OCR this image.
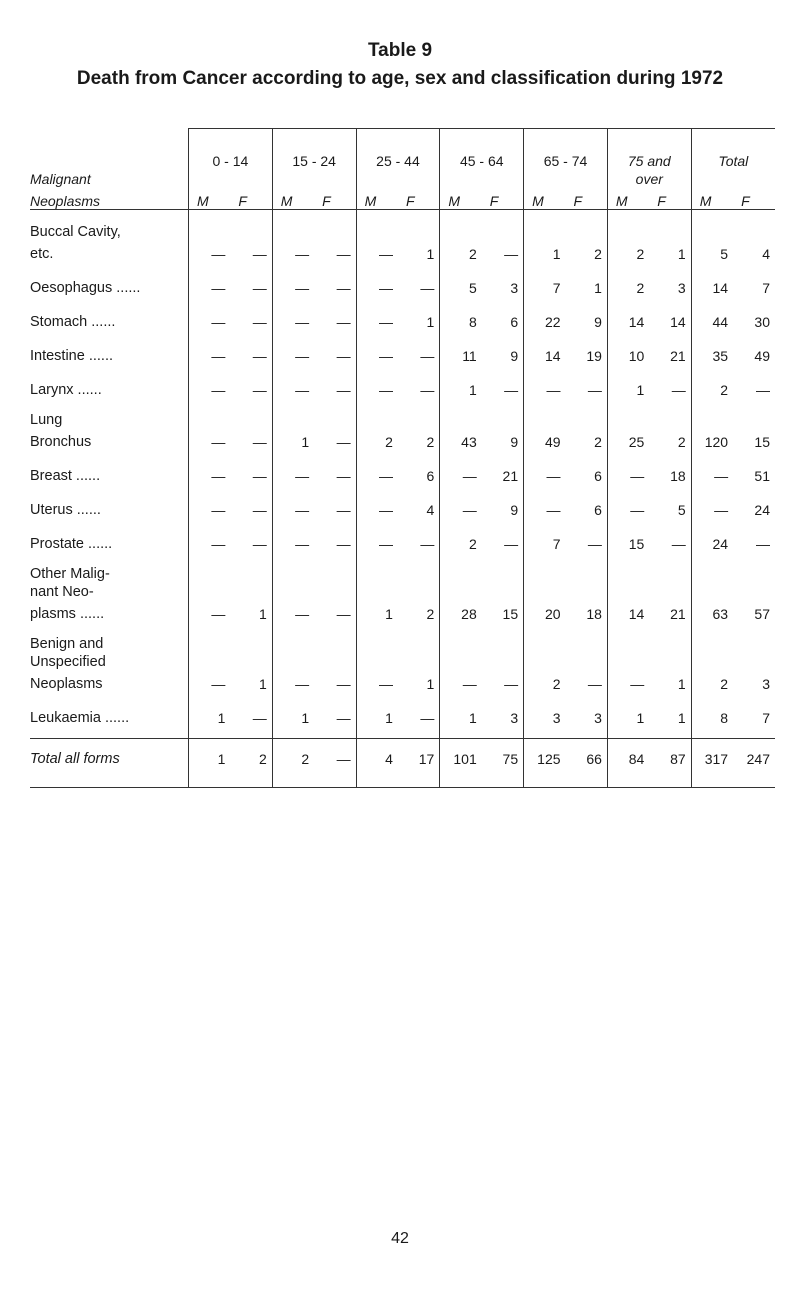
Table 9
Death from Cancer according to age, sex and classification during 1972

	0 - 14		15 - 24		25 - 44		45 - 64		65 - 74		75 and		Total	
Malignant											over			
Neoplasms	M	F	M	F	M	F	M	F	M	F	M	F	M	F

Buccal Cavity,														
etc.	—	—	—	—	—	1	2	—	1	2	2	1	5	4

Oesophagus ......	—	—	—	—	—	—	5	3	7	1	2	3	14	7

Stomach ......	—	—	—	—	—	1	8	6	22	9	14	14	44	30

Intestine ......	—	—	—	—	—	—	11	9	14	19	10	21	35	49

Larynx ......	—	—	—	—	—	—	1	—	—	—	1	—	2	—

Lung														
Bronchus	—	—	1	—	2	2	43	9	49	2	25	2	120	15

Breast ......	—	—	—	—	—	6	—	21	—	6	—	18	—	51

Uterus ......	—	—	—	—	—	4	—	9	—	6	—	5	—	24

Prostate ......	—	—	—	—	—	—	2	—	7	—	15	—	24	—

Other Malig-														
nant Neo-														
plasms ......	—	1	—	—	1	2	28	15	20	18	14	21	63	57

Benign and														
Unspecified														
Neoplasms	—	1	—	—	—	1	—	—	2	—	—	1	2	3

Leukaemia ......	1	—	1	—	1	—	1	3	3	3	1	1	8	7

Total all forms	1	2	2	—	4	17	101	75	125	66	84	87	317	247

42
